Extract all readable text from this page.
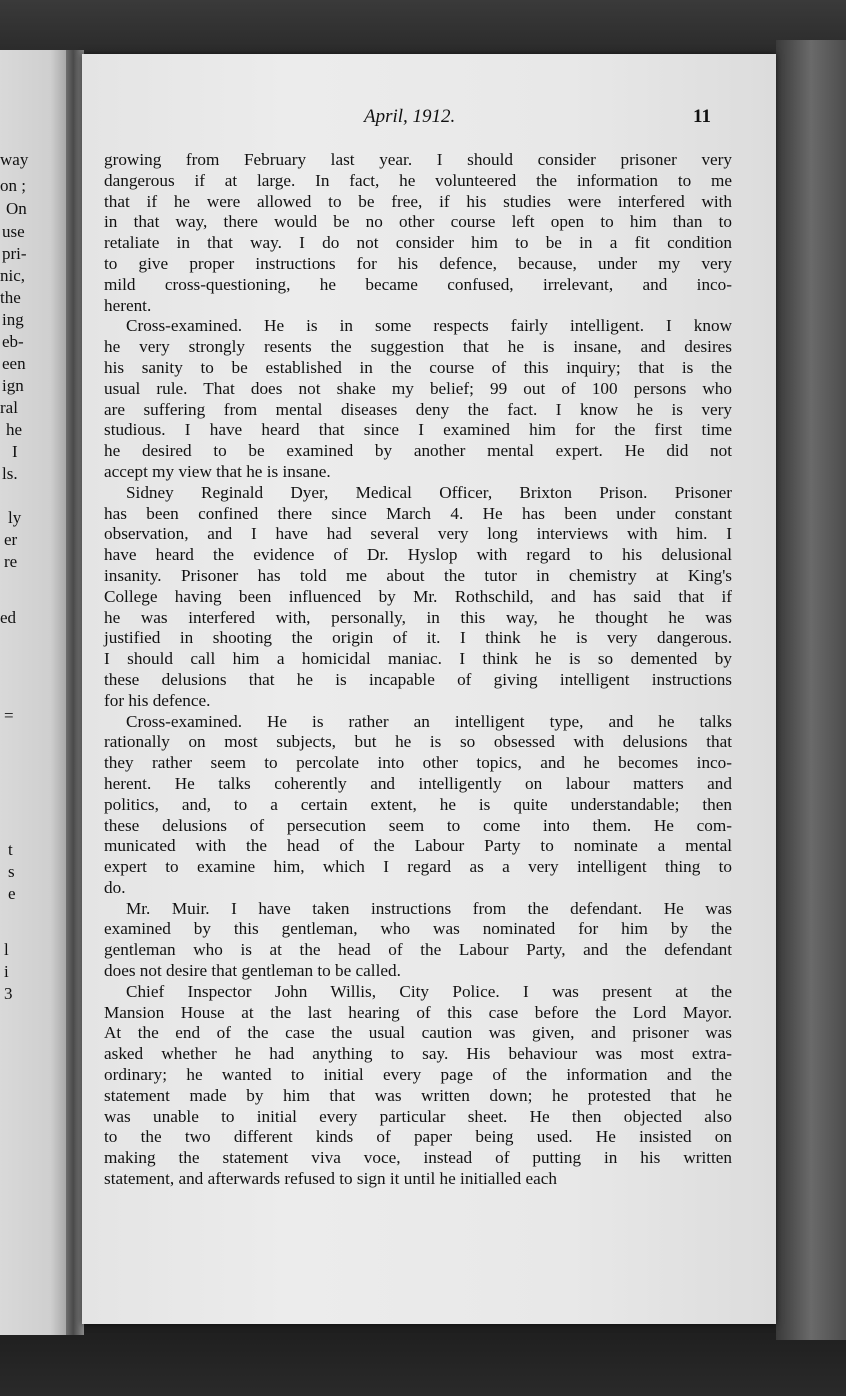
way
on ;
On
use
pri-
nic,
the
ing
eb-
een
ign
ral
he
I
ls.
ly
er
re
ed
=
t
s
e
l
i
3
April, 1912.	11

growing from February last year. I should consider prisoner very
dangerous if at large. In fact, he volunteered the information to me
that if he were allowed to be free, if his studies were interfered with
in that way, there would be no other course left open to him than to
retaliate in that way. I do not consider him to be in a fit condition
to give proper instructions for his defence, because, under my very
mild cross-questioning, he became confused, irrelevant, and inco-
herent.

Cross-examined. He is in some respects fairly intelligent. I know
he very strongly resents the suggestion that he is insane, and desires
his sanity to be established in the course of this inquiry; that is the
usual rule. That does not shake my belief; 99 out of 100 persons who
are suffering from mental diseases deny the fact. I know he is very
studious. I have heard that since I examined him for the first time
he desired to be examined by another mental expert. He did not
accept my view that he is insane.

Sidney Reginald Dyer, Medical Officer, Brixton Prison. Prisoner
has been confined there since March 4. He has been under constant
observation, and I have had several very long interviews with him. I
have heard the evidence of Dr. Hyslop with regard to his delusional
insanity. Prisoner has told me about the tutor in chemistry at King's
College having been influenced by Mr. Rothschild, and has said that if
he was interfered with, personally, in this way, he thought he was
justified in shooting the origin of it. I think he is very dangerous.
I should call him a homicidal maniac. I think he is so demented by
these delusions that he is incapable of giving intelligent instructions
for his defence.

Cross-examined. He is rather an intelligent type, and he talks
rationally on most subjects, but he is so obsessed with delusions that
they rather seem to percolate into other topics, and he becomes inco-
herent. He talks coherently and intelligently on labour matters and
politics, and, to a certain extent, he is quite understandable; then
these delusions of persecution seem to come into them. He com-
municated with the head of the Labour Party to nominate a mental
expert to examine him, which I regard as a very intelligent thing to
do.

Mr. Muir. I have taken instructions from the defendant. He was
examined by this gentleman, who was nominated for him by the
gentleman who is at the head of the Labour Party, and the defendant
does not desire that gentleman to be called.

Chief Inspector John Willis, City Police. I was present at the
Mansion House at the last hearing of this case before the Lord Mayor.
At the end of the case the usual caution was given, and prisoner was
asked whether he had anything to say. His behaviour was most extra-
ordinary; he wanted to initial every page of the information and the
statement made by him that was written down; he protested that he
was unable to initial every particular sheet. He then objected also
to the two different kinds of paper being used. He insisted on
making the statement viva voce, instead of putting in his written
statement, and afterwards refused to sign it until he initialled each
